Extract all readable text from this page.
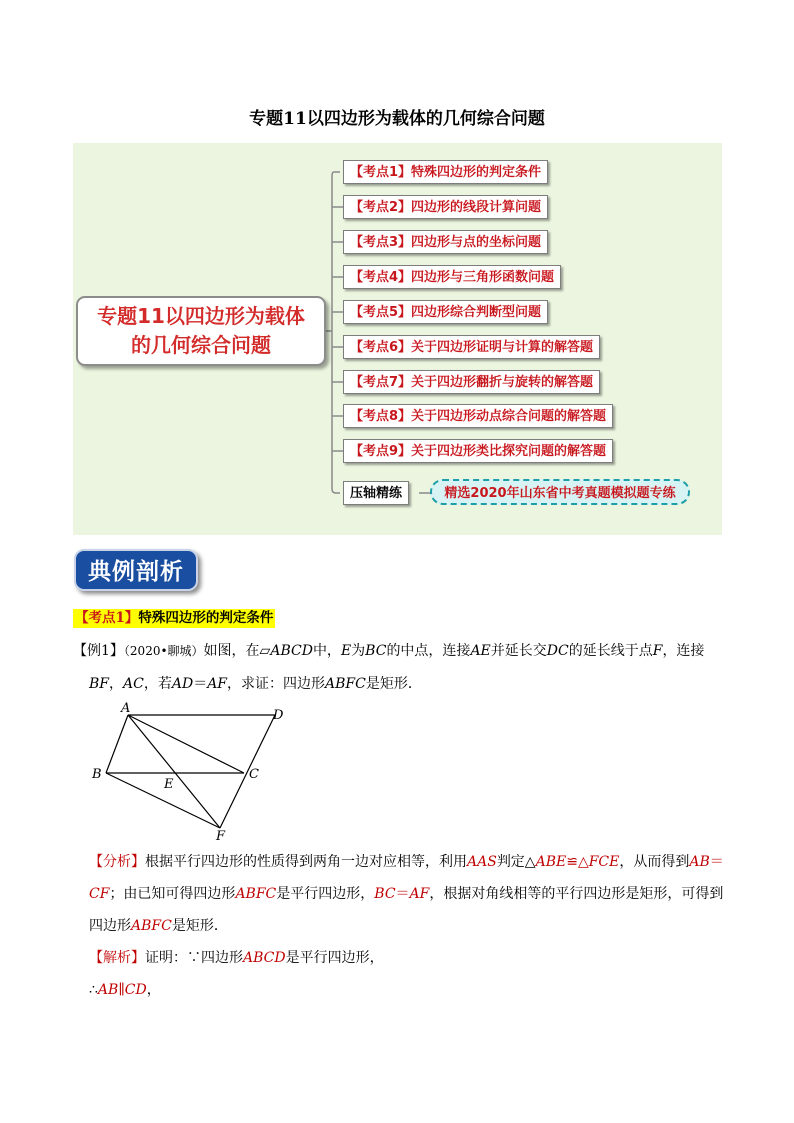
专题11以四边形为载体的几何综合问题
专题11以四边形为载体
的几何综合问题
【考点1】特殊四边形的判定条件
【考点2】四边形的线段计算问题
【考点3】四边形与点的坐标问题
【考点4】四边形与三角形函数问题
【考点5】四边形综合判断型问题
【考点6】关于四边形证明与计算的解答题
【考点7】关于四边形翻折与旋转的解答题
【考点8】关于四边形动点综合问题的解答题
【考点9】关于四边形类比探究问题的解答题
压轴精练	精选2020年山东省中考真题模拟题专练
典例剖析
【考点1】特殊四边形的判定条件
【例1】（2020•聊城）如图，在▱ABCD中，E为BC的中点，连接AE并延长交DC的延长线于点F，连接
BF，AC，若AD＝AF，求证：四边形ABFC是矩形．
A	D
B	C
E
F
【分析】根据平行四边形的性质得到两角一边对应相等，利用AAS判定△ABE≌△FCE，从而得到AB＝
CF；由已知可得四边形ABFC是平行四边形，BC＝AF，根据对角线相等的平行四边形是矩形，可得到
四边形ABFC是矩形．
【解析】证明：∵四边形ABCD是平行四边形，
∴AB∥CD，
